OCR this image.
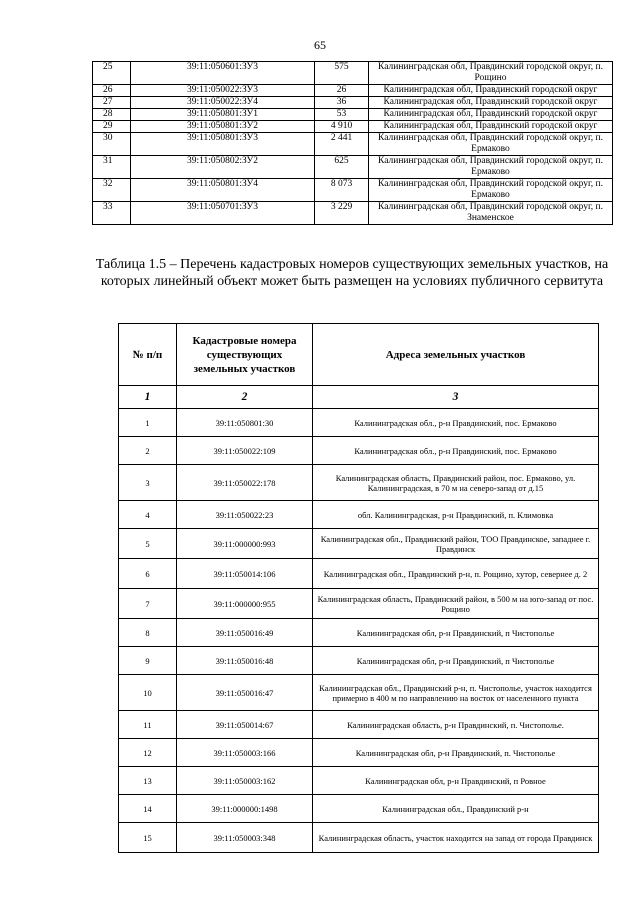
65
25	39:11:050601:ЗУ3	575	Калининградская обл, Правдинский городской округ, п. Рощино
26	39:11:050022:ЗУ3	26	Калининградская обл, Правдинский городской округ
27	39:11:050022:ЗУ4	36	Калининградская обл, Правдинский городской округ
28	39:11:050801:ЗУ1	53	Калининградская обл, Правдинский городской округ
29	39:11:050801:ЗУ2	4 910	Калининградская обл, Правдинский городской округ
30	39:11:050801:ЗУ3	2 441	Калининградская обл, Правдинский городской округ, п. Ермаково
31	39:11:050802:ЗУ2	625	Калининградская обл, Правдинский городской округ, п. Ермаково
32	39:11:050801:ЗУ4	8 073	Калининградская обл, Правдинский городской округ, п. Ермаково
33	39:11:050701:ЗУ3	3 229	Калининградская обл, Правдинский городской округ, п. Знаменское
Таблица 1.5 – Перечень кадастровых номеров существующих земельных участков, на которых линейный объект может быть размещен на условиях публичного сервитута
№ п/п	Кадастровые номера существующих земельных участков	Адреса земельных участков
1	2	3
1	39:11:050801:30	Калининградская обл., р-н Правдинский, пос. Ермаково
2	39:11:050022:109	Калининградская обл., р-н Правдинский, пос. Ермаково
3	39:11:050022:178	Калининградская область, Правдинский район, пос. Ермаково, ул. Калининградская, в 70 м на северо-запад от д.15
4	39:11:050022:23	обл. Калининградская, р-н Правдинский, п. Климовка
5	39:11:000000:993	Калининградская обл., Правдинский район, ТОО Правдинское, западнее г. Правдинск
6	39:11:050014:106	Калининградская обл., Правдинский р-н, п. Рощино, хутор, севернее д. 2
7	39:11:000000:955	Калининградская область, Правдинский район, в 500 м на юго-запад от пос. Рощино
8	39:11:050016:49	Калининградская обл, р-н Правдинский, п Чистополье
9	39:11:050016:48	Калининградская обл, р-н Правдинский, п Чистополье
10	39:11:050016:47	Калининградская обл., Правдинский р-н, п. Чистополье, участок находится примерно в 400 м по направлению на восток от населенного пункта
11	39:11:050014:67	Калининградская область, р-н Правдинский, п. Чистополье.
12	39:11:050003:166	Калининградская обл, р-н Правдинский, п. Чистополье
13	39:11:050003:162	Калининградская обл, р-н Правдинский, п Ровное
14	39:11:000000:1498	Калининградская обл., Правдинский р-н
15	39:11:050003:348	Калининградская область, участок находится на запад от города Правдинск
